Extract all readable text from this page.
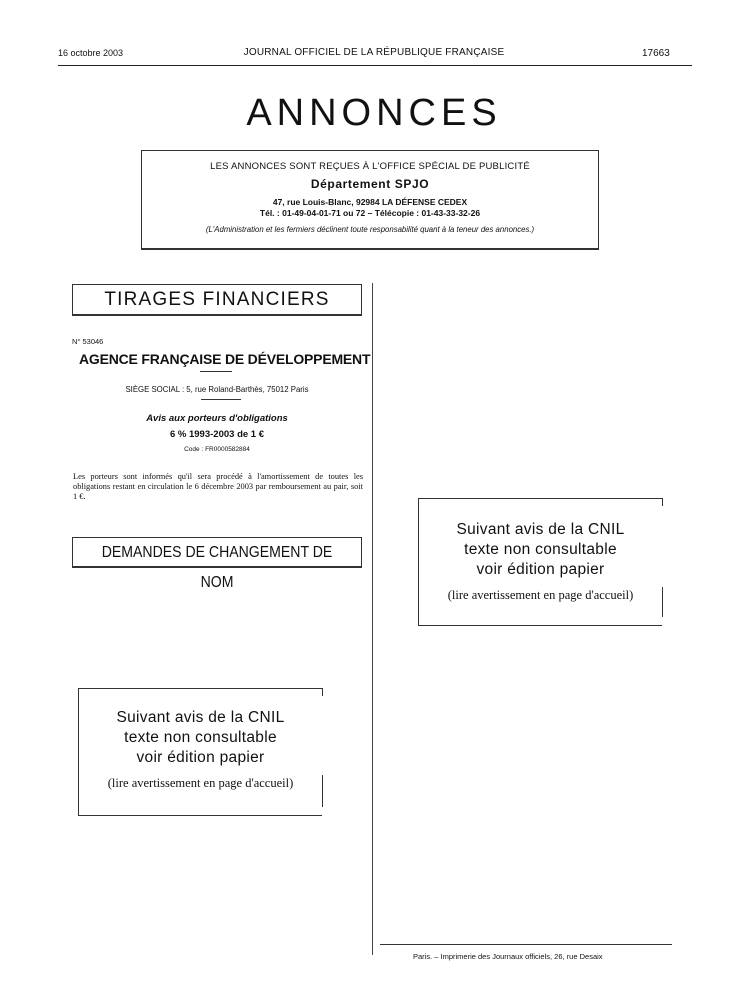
16 octobre 2003	JOURNAL OFFICIEL DE LA RÉPUBLIQUE FRANÇAISE	17663
ANNONCES
LES ANNONCES SONT REÇUES À L'OFFICE SPÉCIAL DE PUBLICITÉ
Département SPJO
47, rue Louis-Blanc, 92984 LA DÉFENSE CEDEX
Tél. : 01-49-04-01-71 ou 72 – Télécopie : 01-43-33-32-26
(L'Administration et les fermiers déclinent toute responsabilité quant à la teneur des annonces.)
TIRAGES FINANCIERS
N° 53046
AGENCE FRANÇAISE DE DÉVELOPPEMENT
SIÈGE SOCIAL : 5, rue Roland-Barthès, 75012 Paris
Avis aux porteurs d'obligations
6 % 1993-2003 de 1 €
Code : FR0000582884
Les porteurs sont informés qu'il sera procédé à l'amortissement de toutes les obligations restant en circulation le 6 décembre 2003 par remboursement au pair, soit 1 €.
DEMANDES DE CHANGEMENT DE NOM
Suivant avis de la CNIL
texte non consultable
voir édition papier
(lire avertissement en page d'accueil)
Suivant avis de la CNIL
texte non consultable
voir édition papier
(lire avertissement en page d'accueil)
Paris. – Imprimerie des Journaux officiels, 26, rue Desaix
